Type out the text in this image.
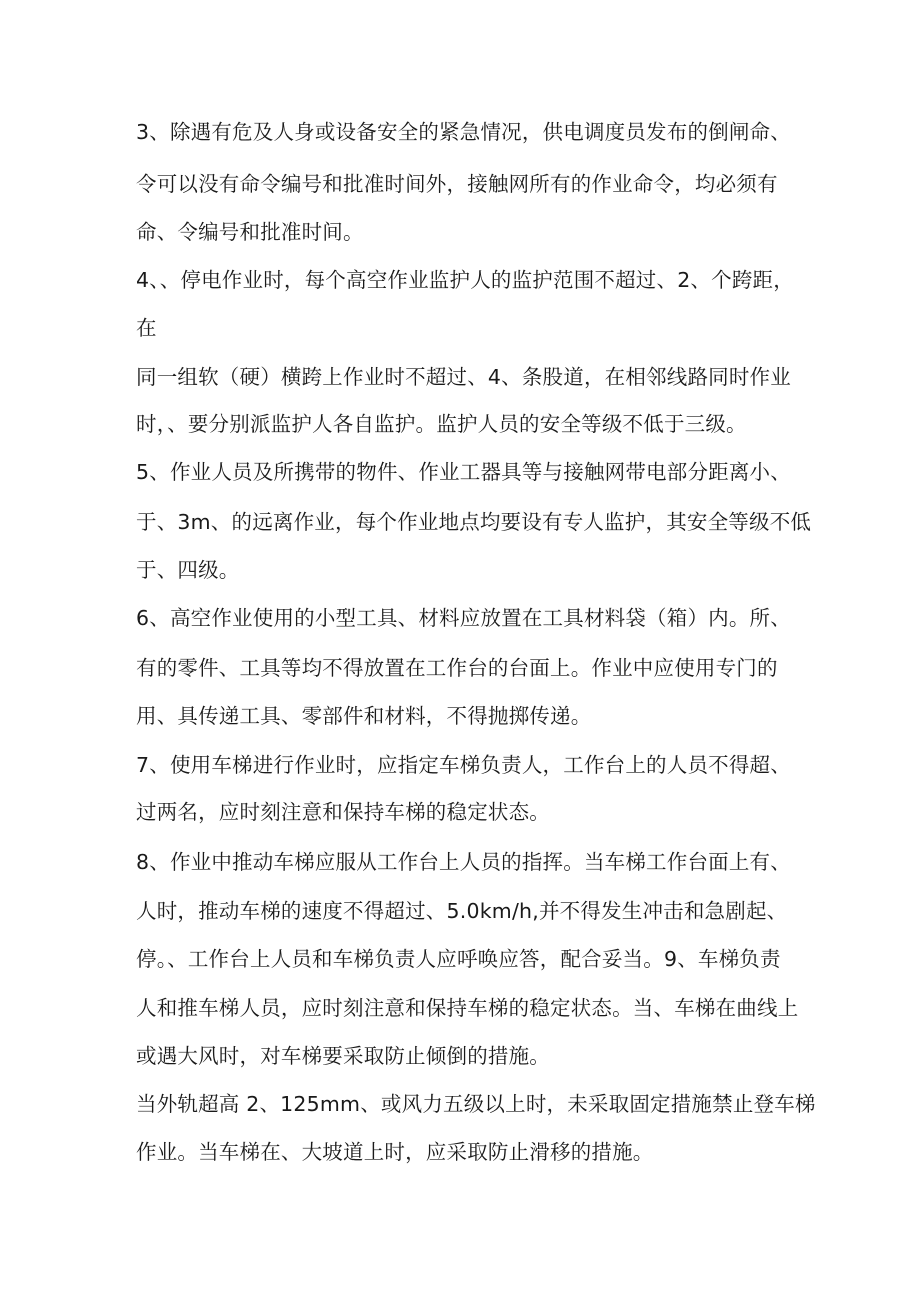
3、除遇有危及人身或设备安全的紧急情况，供电调度员发布的倒闸命、
令可以没有命令编号和批准时间外，接触网所有的作业命令，均必须有
命、令编号和批准时间。
4、、停电作业时，每个高空作业监护人的监护范围不超过、2、个跨距，
在
同一组软（硬）横跨上作业时不超过、4、条股道，在相邻线路同时作业
时，、要分别派监护人各自监护。监护人员的安全等级不低于三级。
5、作业人员及所携带的物件、作业工器具等与接触网带电部分距离小、
于、3m、的远离作业，每个作业地点均要设有专人监护，其安全等级不低
于、四级。
6、高空作业使用的小型工具、材料应放置在工具材料袋（箱）内。所、
有的零件、工具等均不得放置在工作台的台面上。作业中应使用专门的
用、具传递工具、零部件和材料，不得抛掷传递。
7、使用车梯进行作业时，应指定车梯负责人，工作台上的人员不得超、
过两名，应时刻注意和保持车梯的稳定状态。
8、作业中推动车梯应服从工作台上人员的指挥。当车梯工作台面上有、
人时，推动车梯的速度不得超过、5.0km∕h,并不得发生冲击和急剧起、
停。、工作台上人员和车梯负责人应呼唤应答，配合妥当。9、车梯负责
人和推车梯人员，应时刻注意和保持车梯的稳定状态。当、车梯在曲线上
或遇大风时，对车梯要采取防止倾倒的措施。
当外轨超高 2、125mm、或风力五级以上时，未采取固定措施禁止登车梯
作业。当车梯在、大坡道上时，应采取防止滑移的措施。
